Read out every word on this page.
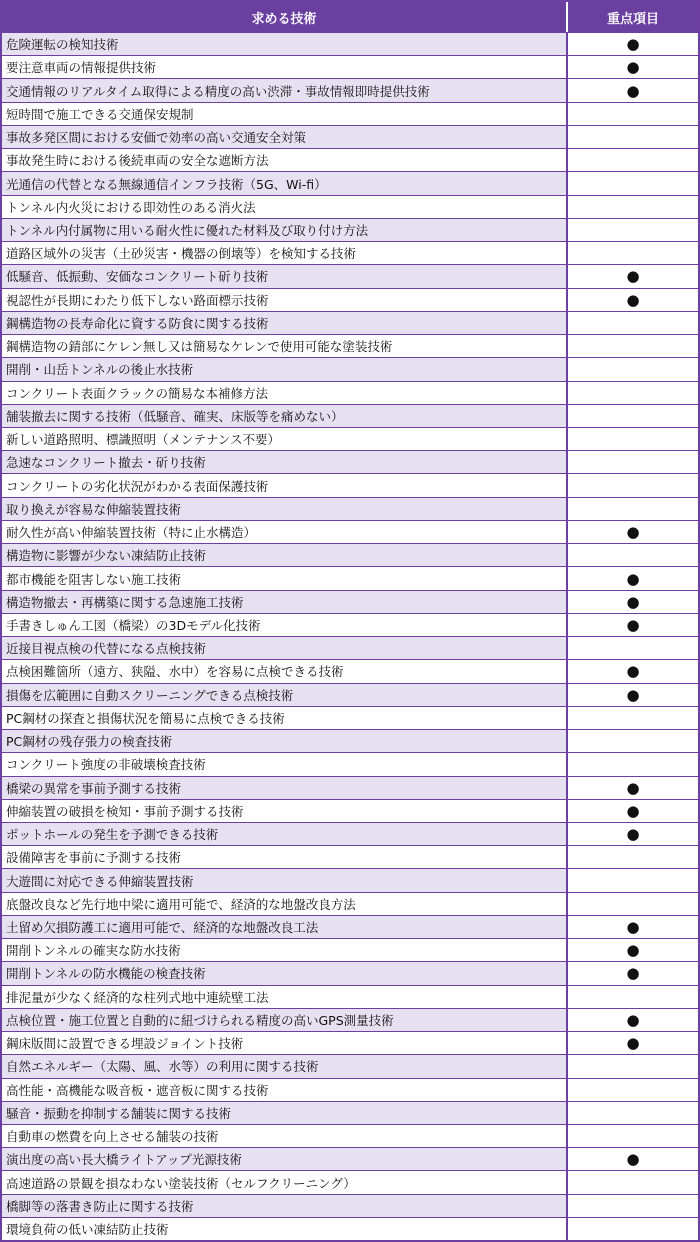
求める技術	重点項目
危険運転の検知技術	●
要注意車両の情報提供技術	●
交通情報のリアルタイム取得による精度の高い渋滞・事故情報即時提供技術	●
短時間で施工できる交通保安規制
事故多発区間における安価で効率の高い交通安全対策
事故発生時における後続車両の安全な遮断方法
光通信の代替となる無線通信インフラ技術（5G、Wi-fi）
トンネル内火災における即効性のある消火法
トンネル内付属物に用いる耐火性に優れた材料及び取り付け方法
道路区域外の災害（土砂災害・機器の倒壊等）を検知する技術
低騒音、低振動、安価なコンクリート斫り技術	●
視認性が長期にわたり低下しない路面標示技術	●
鋼構造物の長寿命化に資する防食に関する技術
鋼構造物の錆部にケレン無し又は簡易なケレンで使用可能な塗装技術
開削・山岳トンネルの後止水技術
コンクリート表面クラックの簡易な本補修方法
舗装撤去に関する技術（低騒音、確実、床版等を痛めない）
新しい道路照明、標識照明（メンテナンス不要）
急速なコンクリート撤去・斫り技術
コンクリートの劣化状況がわかる表面保護技術
取り換えが容易な伸縮装置技術
耐久性が高い伸縮装置技術（特に止水構造）	●
構造物に影響が少ない凍結防止技術
都市機能を阻害しない施工技術	●
構造物撤去・再構築に関する急速施工技術	●
手書きしゅん工図（橋梁）の3Dモデル化技術	●
近接目視点検の代替になる点検技術
点検困難箇所（遠方、狭隘、水中）を容易に点検できる技術	●
損傷を広範囲に自動スクリーニングできる点検技術	●
PC鋼材の探査と損傷状況を簡易に点検できる技術
PC鋼材の残存張力の検査技術
コンクリート強度の非破壊検査技術
橋梁の異常を事前予測する技術	●
伸縮装置の破損を検知・事前予測する技術	●
ポットホールの発生を予測できる技術	●
設備障害を事前に予測する技術
大遊間に対応できる伸縮装置技術
底盤改良など先行地中梁に適用可能で、経済的な地盤改良方法
土留め欠損防護工に適用可能で、経済的な地盤改良工法	●
開削トンネルの確実な防水技術	●
開削トンネルの防水機能の検査技術	●
排泥量が少なく経済的な柱列式地中連続壁工法
点検位置・施工位置と自動的に紐づけられる精度の高いGPS測量技術	●
鋼床版間に設置できる埋設ジョイント技術	●
自然エネルギー（太陽、風、水等）の利用に関する技術
高性能・高機能な吸音板・遮音板に関する技術
騒音・振動を抑制する舗装に関する技術
自動車の燃費を向上させる舗装の技術
演出度の高い長大橋ライトアップ光源技術	●
高速道路の景観を損なわない塗装技術（セルフクリーニング）
橋脚等の落書き防止に関する技術
環境負荷の低い凍結防止技術
